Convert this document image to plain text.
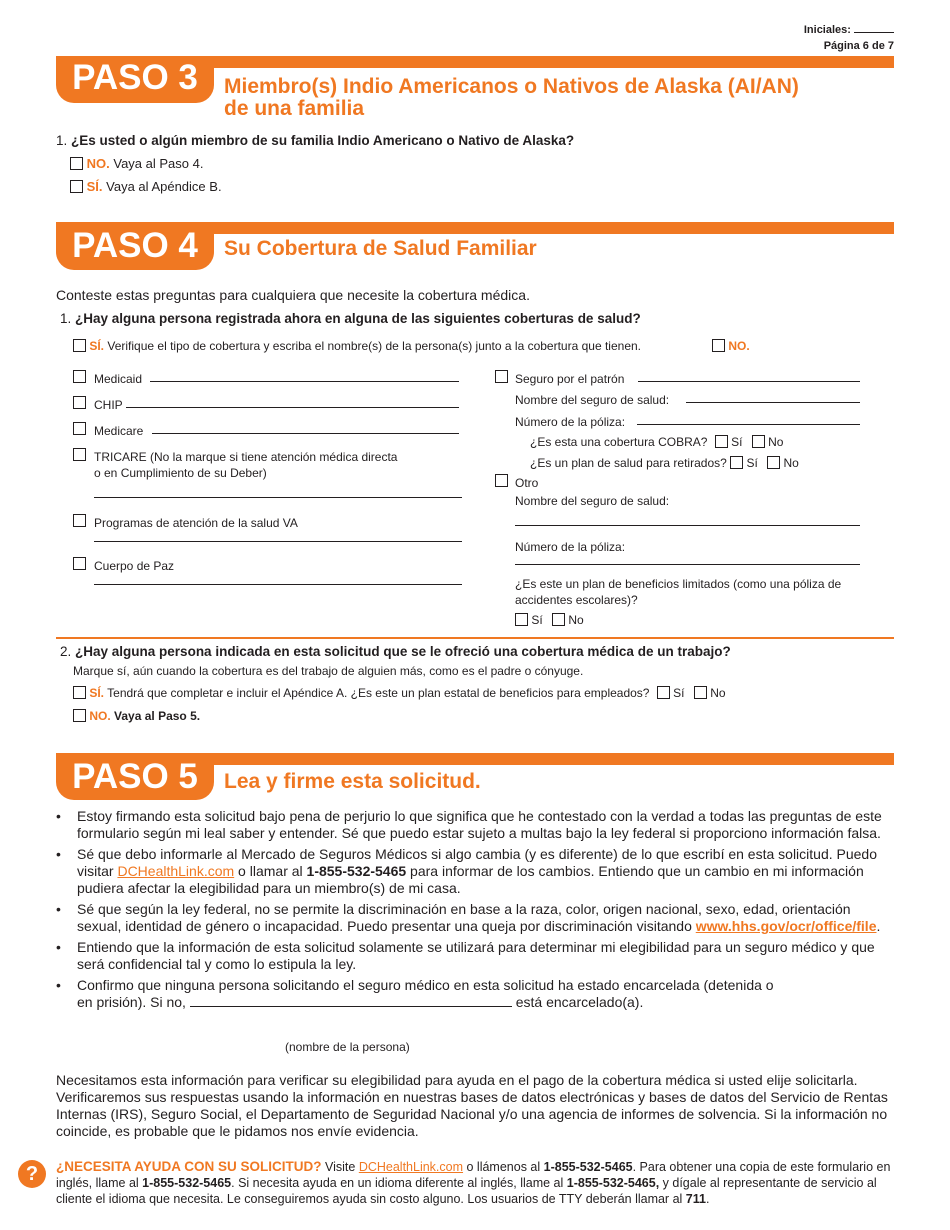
Iniciales:
Página 6 de 7
PASO 3	Miembro(s) Indio Americanos o Nativos de Alaska (AI/AN)
de una familia
1. ¿Es usted o algún miembro de su familia Indio Americano o Nativo de Alaska?
NO. Vaya al Paso 4.
SÍ. Vaya al Apéndice B.
PASO 4	Su Cobertura de Salud Familiar
Conteste estas preguntas para cualquiera que necesite la cobertura médica.
1. ¿Hay alguna persona registrada ahora en alguna de las siguientes coberturas de salud?
SÍ. Verifique el tipo de cobertura y escriba el nombre(s) de la persona(s) junto a la cobertura que tienen.	NO.
Medicaid
CHIP
Medicare
TRICARE (No la marque si tiene atención médica directa
o en Cumplimiento de su Deber)
Programas de atención de la salud VA
Cuerpo de Paz
Seguro por el patrón
Nombre del seguro de salud:
Número de la póliza:
¿Es esta una cobertura COBRA? Sí No
¿Es un plan de salud para retirados? Sí No
Otro
Nombre del seguro de salud:
Número de la póliza:
¿Es este un plan de beneficios limitados (como una póliza de
accidentes escolares)?
Sí No
2. ¿Hay alguna persona indicada en esta solicitud que se le ofreció una cobertura médica de un trabajo?
Marque sí, aún cuando la cobertura es del trabajo de alguien más, como es el padre o cónyuge.
SÍ. Tendrá que completar e incluir el Apéndice A. ¿Es este un plan estatal de beneficios para empleados? Sí No
NO. Vaya al Paso 5.
PASO 5	Lea y firme esta solicitud.
• Estoy firmando esta solicitud bajo pena de perjurio lo que significa que he contestado con la verdad a todas las preguntas de este formulario según mi leal saber y entender. Sé que puedo estar sujeto a multas bajo la ley federal si proporciono información falsa.
• Sé que debo informarle al Mercado de Seguros Médicos si algo cambia (y es diferente) de lo que escribí en esta solicitud. Puedo visitar DCHealthLink.com o llamar al 1-855-532-5465 para informar de los cambios. Entiendo que un cambio en mi información pudiera afectar la elegibilidad para un miembro(s) de mi casa.
• Sé que según la ley federal, no se permite la discriminación en base a la raza, color, origen nacional, sexo, edad, orientación sexual, identidad de género o incapacidad. Puedo presentar una queja por discriminación visitando www.hhs.gov/ocr/office/file.
• Entiendo que la información de esta solicitud solamente se utilizará para determinar mi elegibilidad para un seguro médico y que será confidencial tal y como lo estipula la ley.
• Confirmo que ninguna persona solicitando el seguro médico en esta solicitud ha estado encarcelada (detenida o
en prisión). Si no,	está encarcelado(a).
(nombre de la persona)
Necesitamos esta información para verificar su elegibilidad para ayuda en el pago de la cobertura médica si usted elije solicitarla. Verificaremos sus respuestas usando la información en nuestras bases de datos electrónicas y bases de datos del Servicio de Rentas Internas (IRS), Seguro Social, el Departamento de Seguridad Nacional y/o una agencia de informes de solvencia. Si la información no coincide, es probable que le pidamos nos envíe evidencia.
?	¿NECESITA AYUDA CON SU SOLICITUD? Visite DCHealthLink.com o llámenos al 1-855-532-5465. Para obtener una copia de este formulario en inglés, llame al 1-855-532-5465. Si necesita ayuda en un idioma diferente al inglés, llame al 1-855-532-5465, y dígale al representante de servicio al cliente el idioma que necesita. Le conseguiremos ayuda sin costo alguno. Los usuarios de TTY deberán llamar al 711.
